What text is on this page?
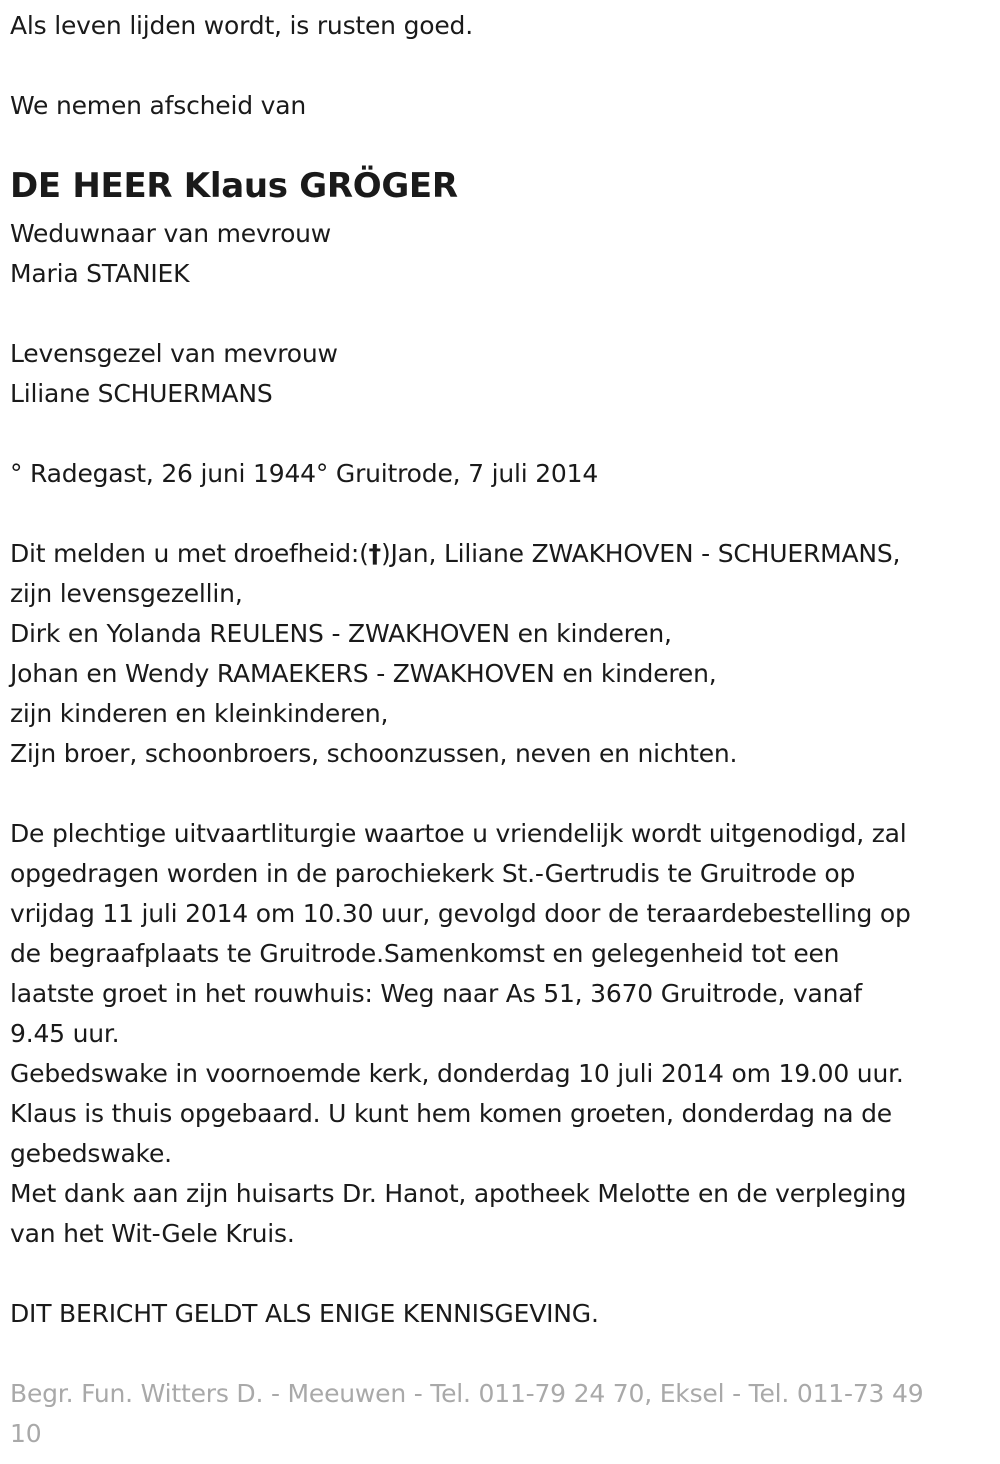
Als leven lijden wordt, is rusten goed.
We nemen afscheid van
DE HEER Klaus GRÖGER
Weduwnaar van mevrouw
Maria STANIEK
Levensgezel van mevrouw
Liliane SCHUERMANS
° Radegast, 26 juni 1944° Gruitrode, 7 juli 2014
Dit melden u met droefheid:(†)Jan, Liliane ZWAKHOVEN - SCHUERMANS,
zijn levensgezellin,
Dirk en Yolanda REULENS - ZWAKHOVEN en kinderen,
Johan en Wendy RAMAEKERS - ZWAKHOVEN en kinderen,
zijn kinderen en kleinkinderen,
Zijn broer, schoonbroers, schoonzussen, neven en nichten.
De plechtige uitvaartliturgie waartoe u vriendelijk wordt uitgenodigd, zal
opgedragen worden in de parochiekerk St.-Gertrudis te Gruitrode op
vrijdag 11 juli 2014 om 10.30 uur, gevolgd door de teraardebestelling op
de begraafplaats te Gruitrode.Samenkomst en gelegenheid tot een
laatste groet in het rouwhuis: Weg naar As 51, 3670 Gruitrode, vanaf
9.45 uur.
Gebedswake in voornoemde kerk, donderdag 10 juli 2014 om 19.00 uur.
Klaus is thuis opgebaard. U kunt hem komen groeten, donderdag na de
gebedswake.
Met dank aan zijn huisarts Dr. Hanot, apotheek Melotte en de verpleging
van het Wit-Gele Kruis.
DIT BERICHT GELDT ALS ENIGE KENNISGEVING.
Begr. Fun. Witters D. - Meeuwen - Tel. 011-79 24 70, Eksel - Tel. 011-73 49
10
